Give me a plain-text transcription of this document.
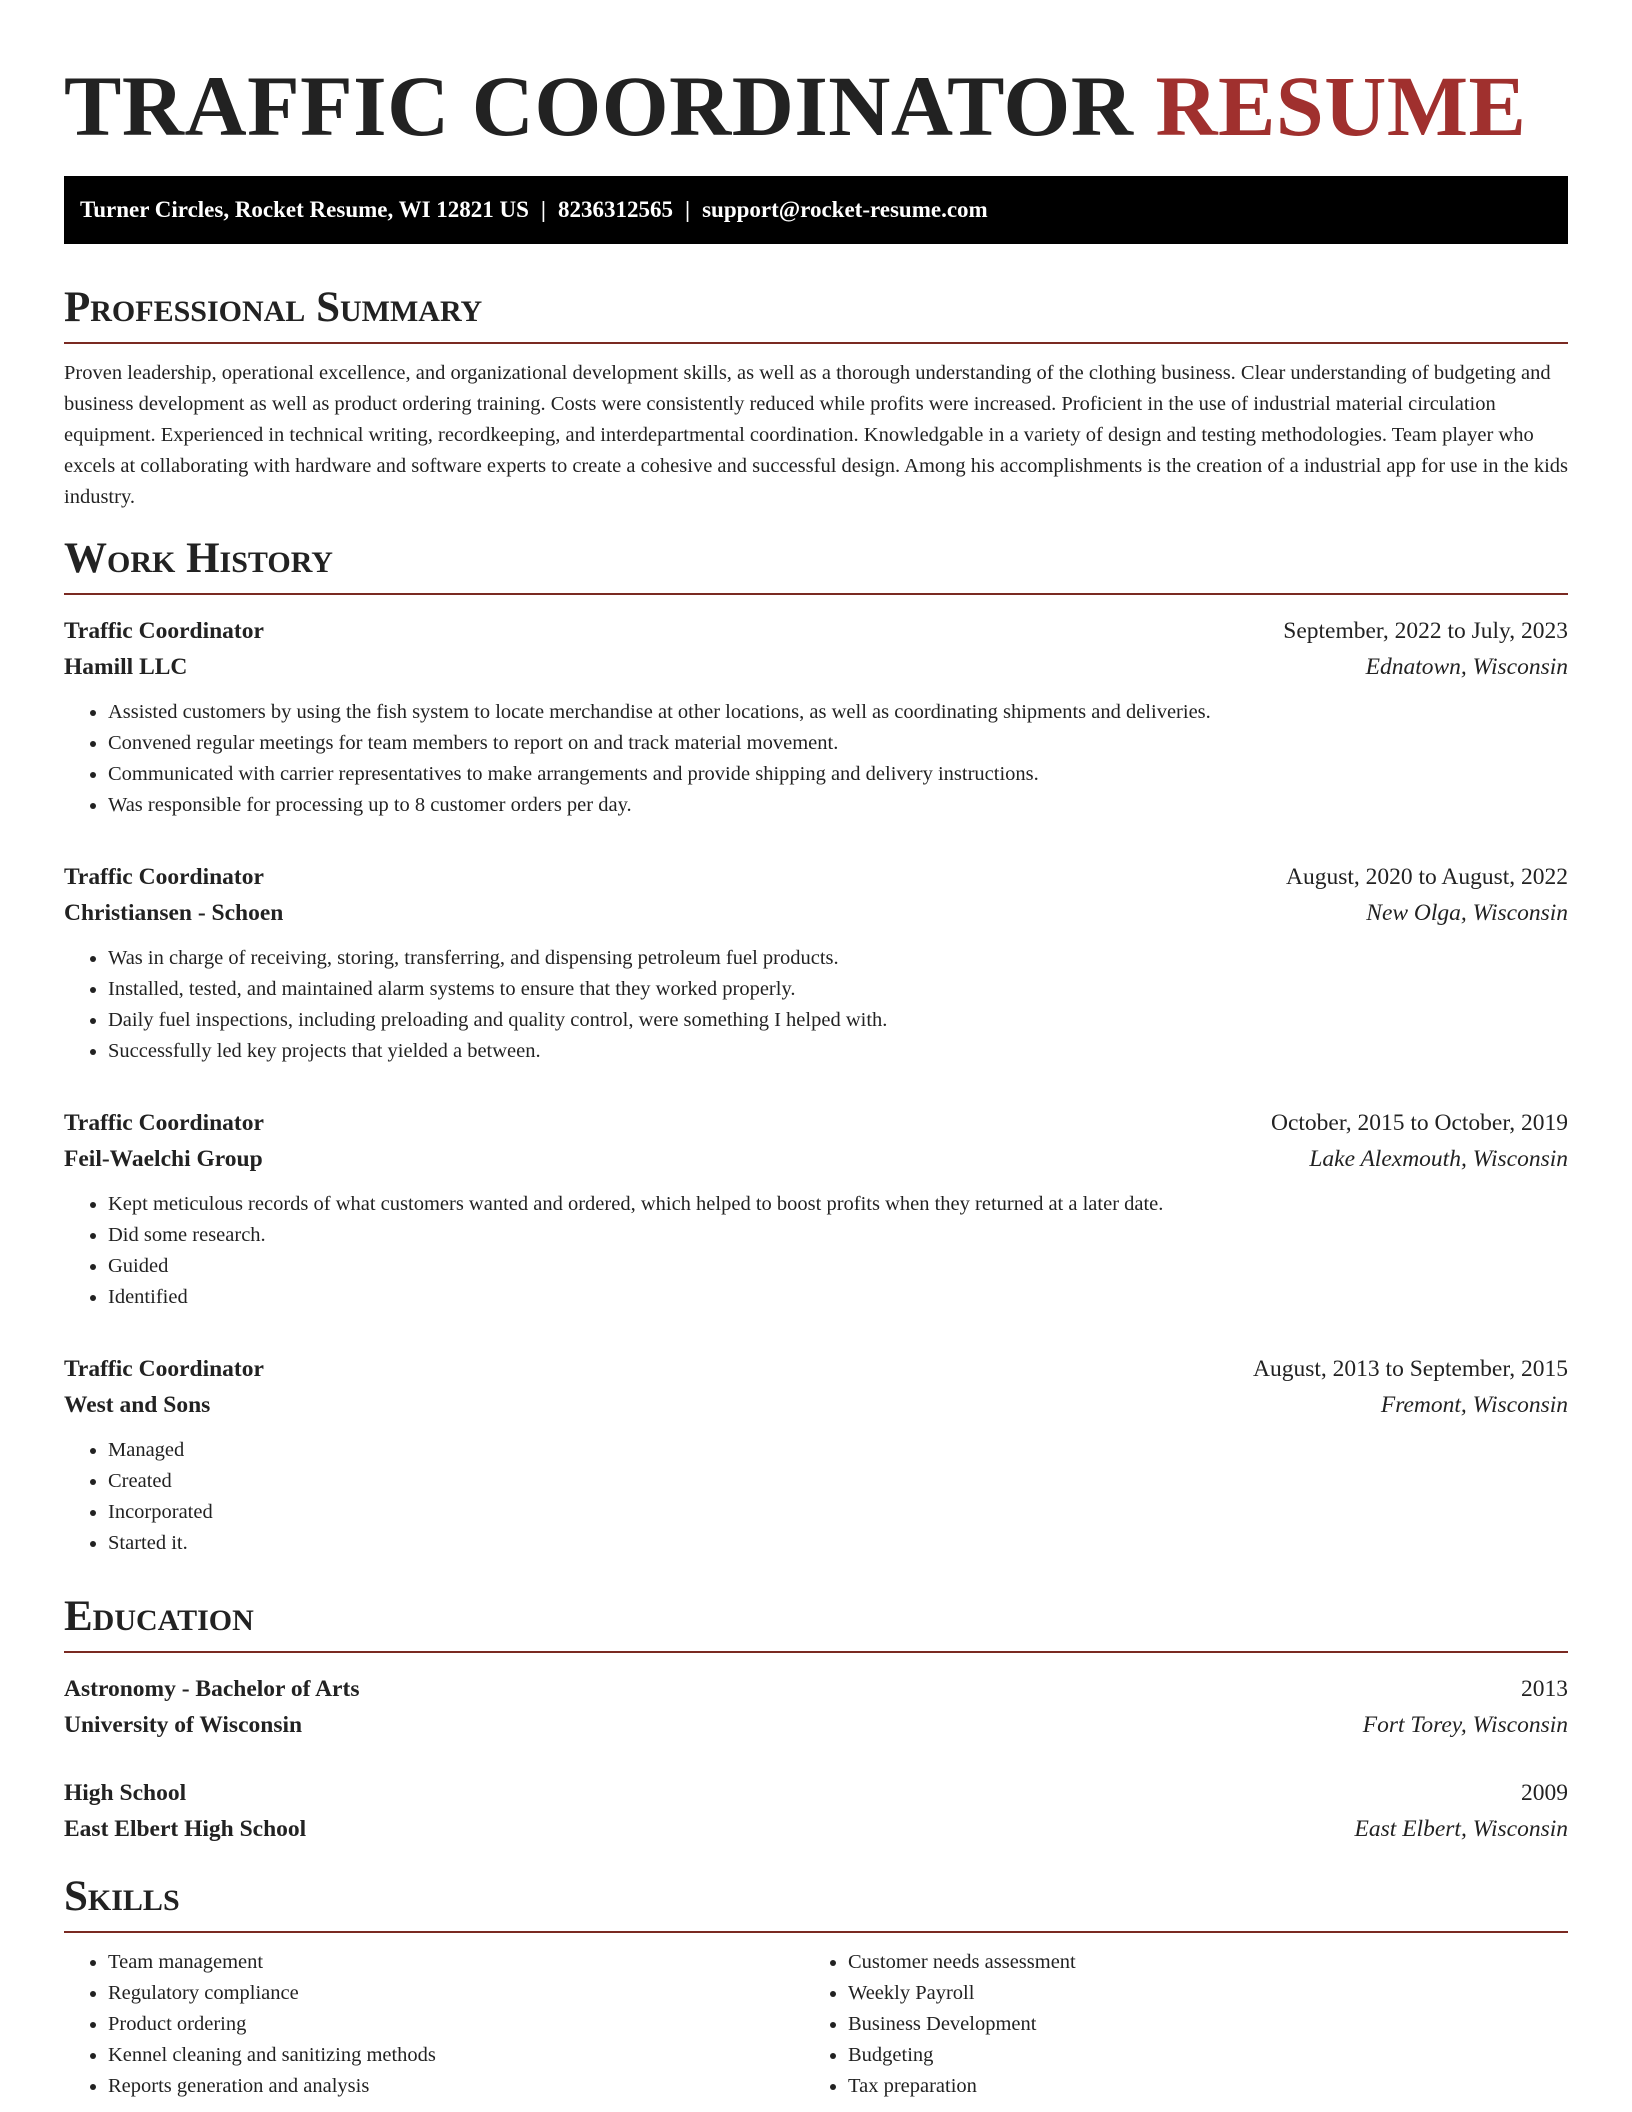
TRAFFIC COORDINATOR RESUME
Turner Circles, Rocket Resume, WI 12821 US | 8236312565 | support@rocket-resume.com
Professional Summary

Proven leadership, operational excellence, and organizational development skills, as well as a thorough understanding of the clothing business. Clear understanding of budgeting and business development as well as product ordering training. Costs were consistently reduced while profits were increased. Proficient in the use of industrial material circulation equipment. Experienced in technical writing, recordkeeping, and interdepartmental coordination. Knowledgable in a variety of design and testing methodologies. Team player who excels at collaborating with hardware and software experts to create a cohesive and successful design. Among his accomplishments is the creation of a industrial app for use in the kids industry.

Work History
Traffic Coordinator	September, 2022 to July, 2023
Hamill LLC	Ednatown, Wisconsin
• Assisted customers by using the fish system to locate merchandise at other locations, as well as coordinating shipments and deliveries.
• Convened regular meetings for team members to report on and track material movement.
• Communicated with carrier representatives to make arrangements and provide shipping and delivery instructions.
• Was responsible for processing up to 8 customer orders per day.
Traffic Coordinator	August, 2020 to August, 2022
Christiansen - Schoen	New Olga, Wisconsin
• Was in charge of receiving, storing, transferring, and dispensing petroleum fuel products.
• Installed, tested, and maintained alarm systems to ensure that they worked properly.
• Daily fuel inspections, including preloading and quality control, were something I helped with.
• Successfully led key projects that yielded a between.
Traffic Coordinator	October, 2015 to October, 2019
Feil-Waelchi Group	Lake Alexmouth, Wisconsin
• Kept meticulous records of what customers wanted and ordered, which helped to boost profits when they returned at a later date.
• Did some research.
• Guided
• Identified
Traffic Coordinator	August, 2013 to September, 2015
West and Sons	Fremont, Wisconsin
• Managed
• Created
• Incorporated
• Started it.
Education
Astronomy - Bachelor of Arts	2013
University of Wisconsin	Fort Torey, Wisconsin
High School	2009
East Elbert High School	East Elbert, Wisconsin
Skills
• Team management
• Regulatory compliance
• Product ordering
• Kennel cleaning and sanitizing methods
• Reports generation and analysis
• Customer needs assessment
• Weekly Payroll
• Business Development
• Budgeting
• Tax preparation
